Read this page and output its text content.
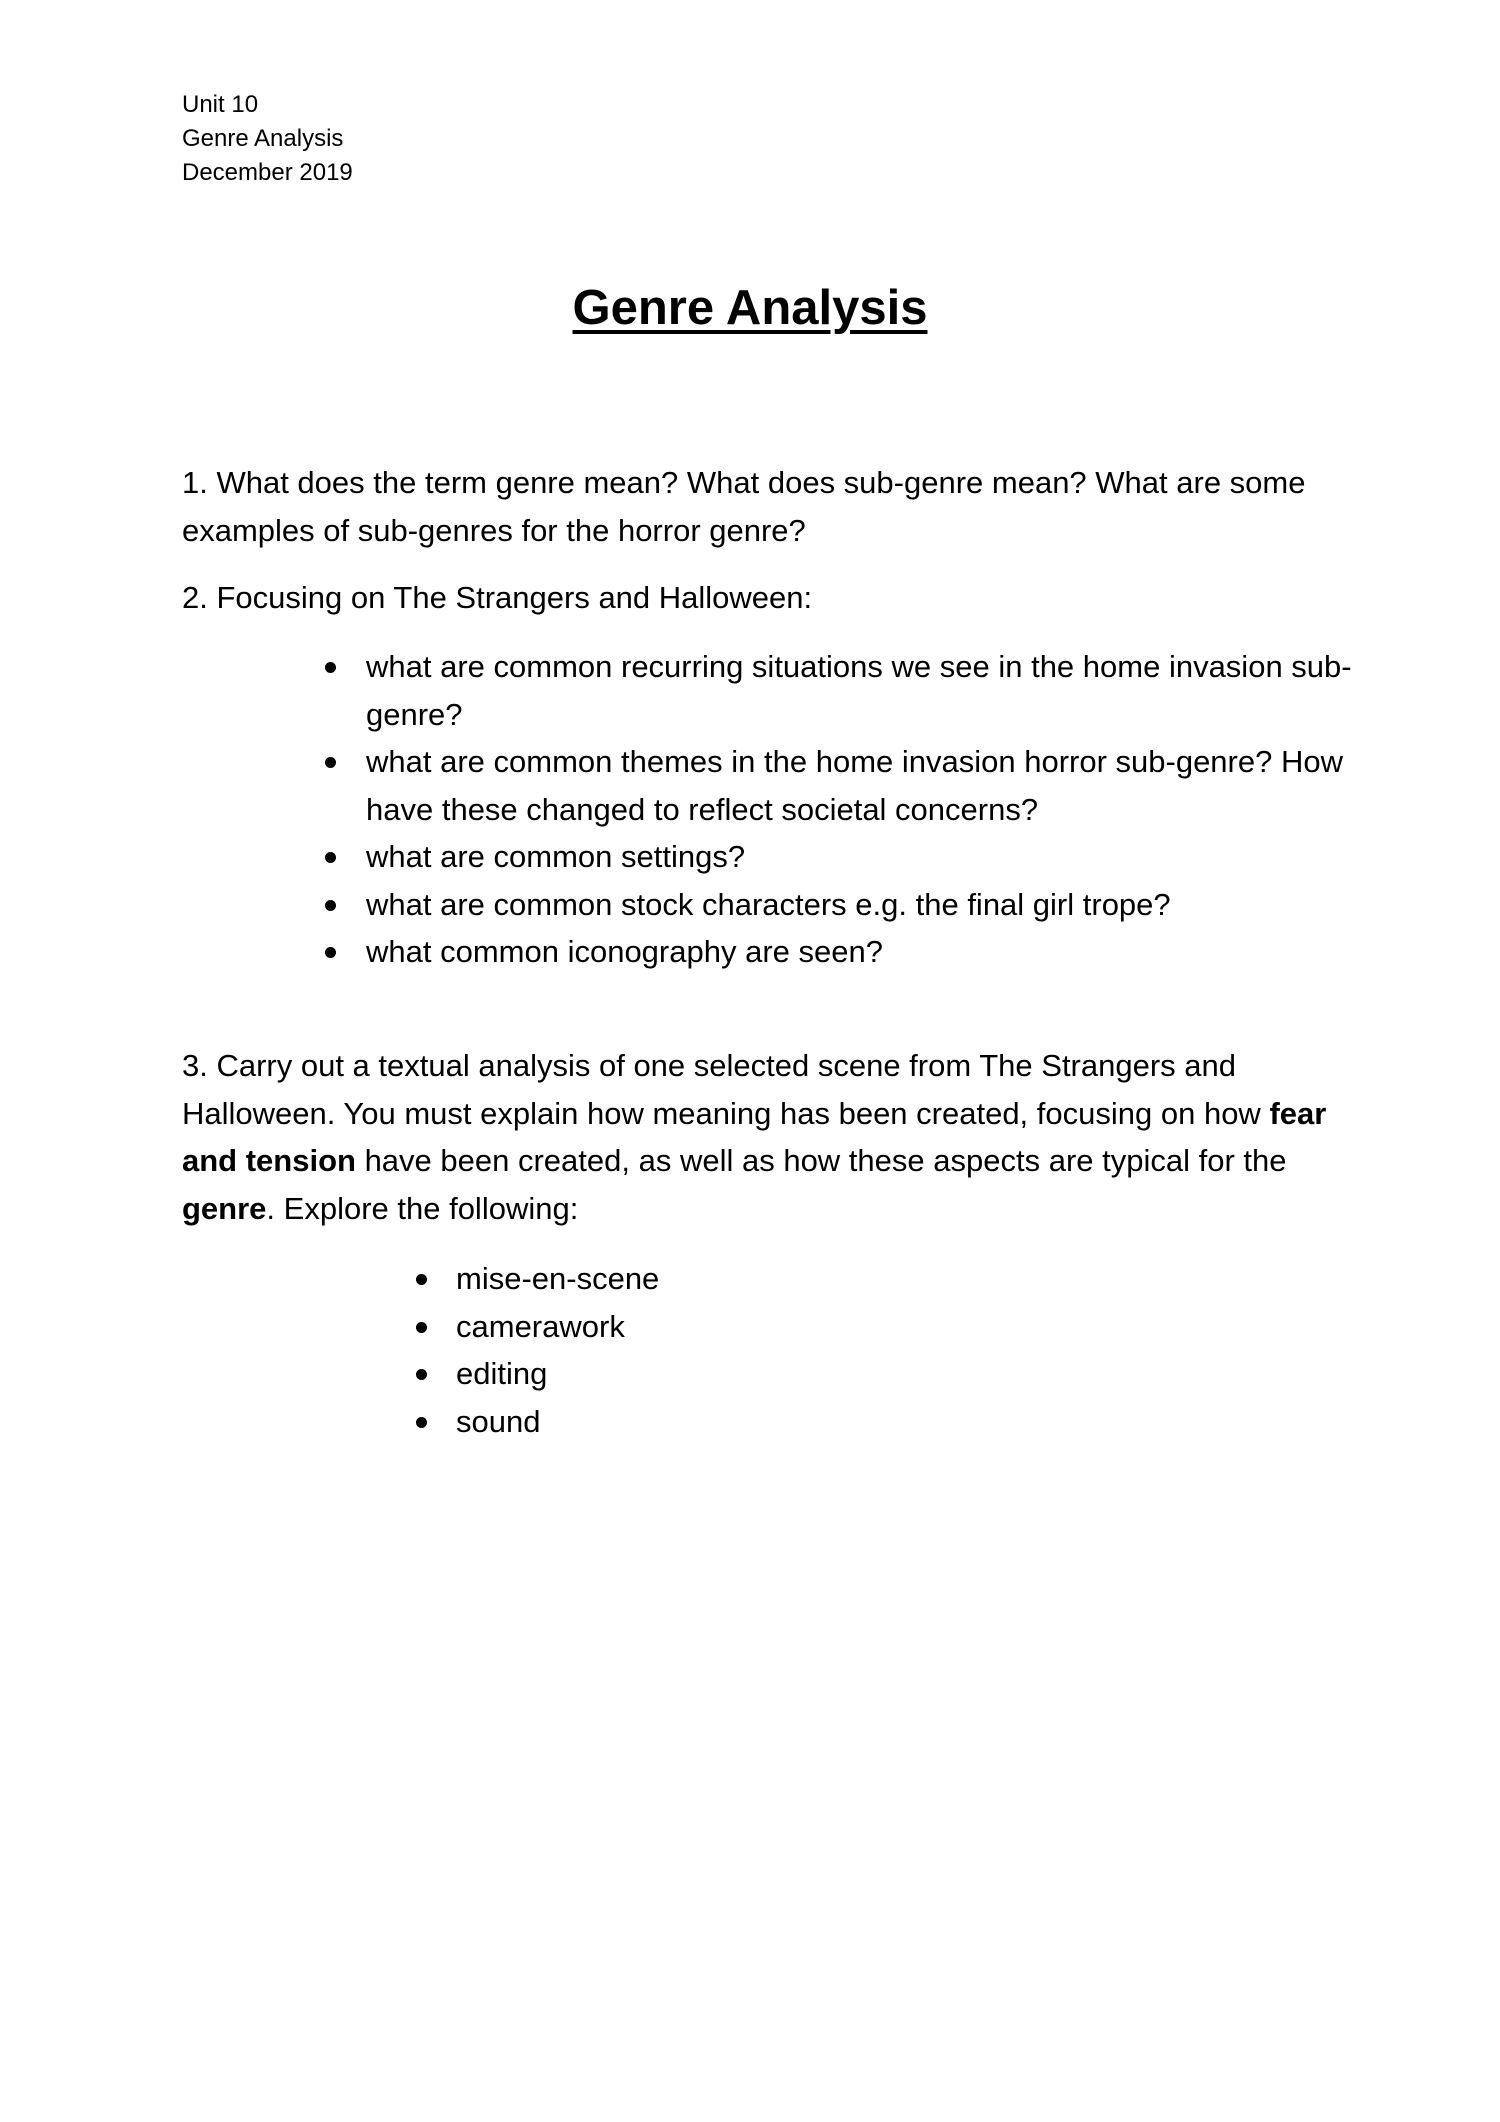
Unit 10
Genre Analysis
December 2019
Genre Analysis
1. What does the term genre mean? What does sub-genre mean? What are some examples of sub-genres for the horror genre?
2. Focusing on The Strangers and Halloween:
what are common recurring situations we see in the home invasion sub-genre?
what are common themes in the home invasion horror sub-genre? How have these changed to reflect societal concerns?
what are common settings?
what are common stock characters e.g. the final girl trope?
what common iconography are seen?
3. Carry out a textual analysis of one selected scene from The Strangers and Halloween. You must explain how meaning has been created, focusing on how fear and tension have been created, as well as how these aspects are typical for the genre. Explore the following:
mise-en-scene
camerawork
editing
sound
